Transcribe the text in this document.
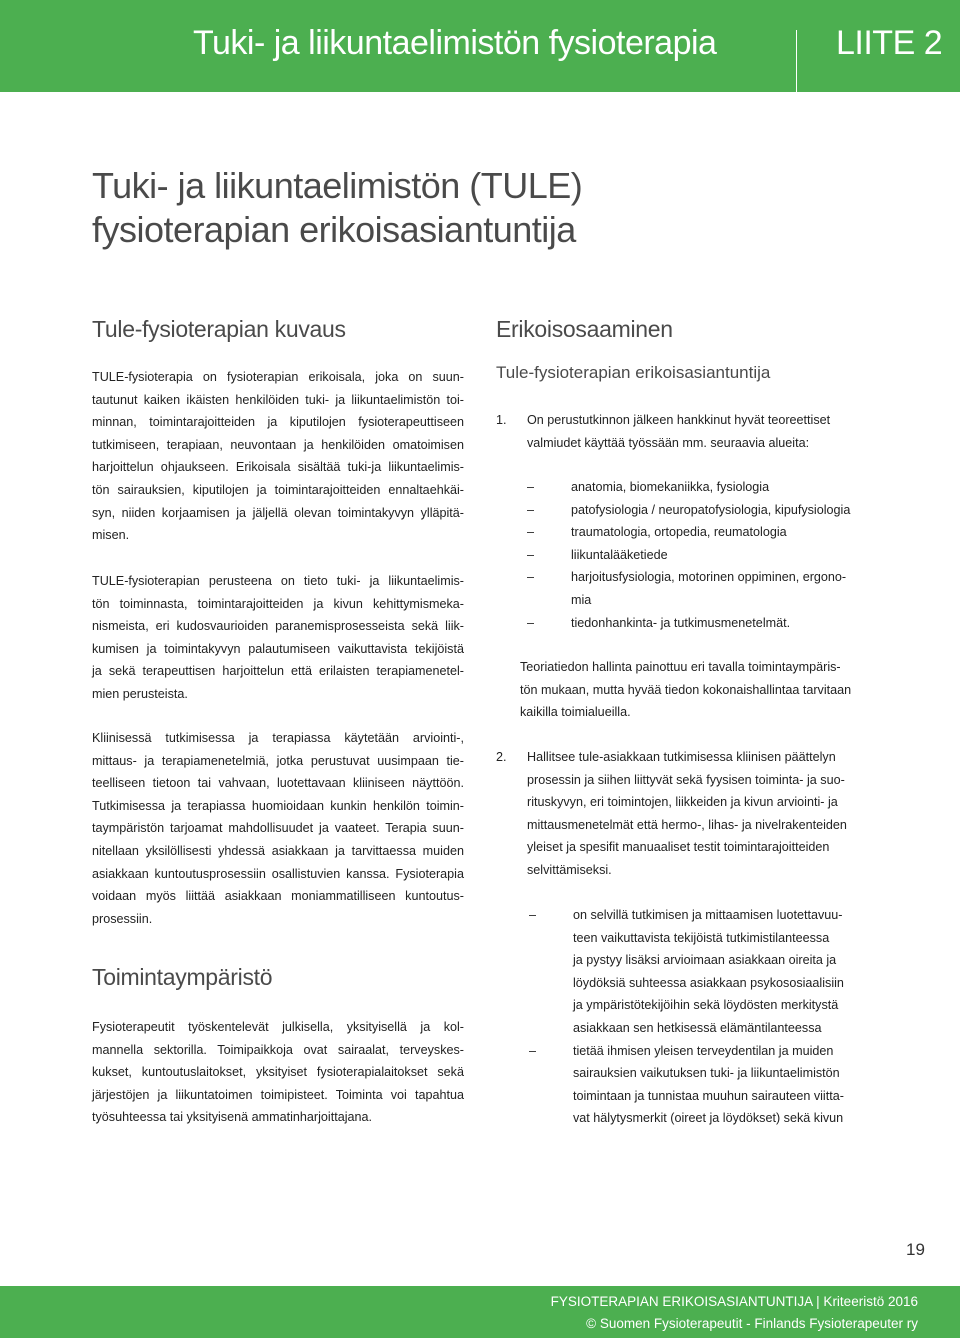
Tuki- ja liikuntaelimistön fysioterapia	LIITE 2
Tuki- ja liikuntaelimistön (TULE)
fysioterapian erikoisasiantuntija
Tule-fysioterapian kuvaus
TULE-fysioterapia on fysioterapian erikoisala, joka on suun-
tautunut kaiken ikäisten henkilöiden tuki- ja liikuntaelimistön toi-
minnan, toimintarajoitteiden ja kiputilojen fysioterapeuttiseen
tutkimiseen, terapiaan, neuvontaan ja henkilöiden omatoimisen
harjoittelun ohjaukseen. Erikoisala sisältää tuki-ja liikuntaelimis-
tön sairauksien, kiputilojen ja toimintarajoitteiden ennaltaehkäi-
syn, niiden korjaamisen ja jäljellä olevan toimintakyvyn ylläpitä-
misen.
TULE-fysioterapian perusteena on tieto tuki- ja liikuntaelimis-
tön toiminnasta, toimintarajoitteiden ja kivun kehittymismeka-
nismeista, eri kudosvaurioiden paranemisprosesseista sekä liik-
kumisen ja toimintakyvyn palautumiseen vaikuttavista tekijöistä
ja sekä terapeuttisen harjoittelun että erilaisten terapiamenetel-
mien perusteista.
Kliinisessä tutkimisessa ja terapiassa käytetään arviointi-,
mittaus- ja terapiamenetelmiä, jotka perustuvat uusimpaan tie-
teelliseen tietoon tai vahvaan, luotettavaan kliiniseen näyttöön.
Tutkimisessa ja terapiassa huomioidaan kunkin henkilön toimin-
taympäristön tarjoamat mahdollisuudet ja vaateet. Terapia suun-
nitellaan yksilöllisesti yhdessä asiakkaan ja tarvittaessa muiden
asiakkaan kuntoutusprosessiin osallistuvien kanssa. Fysioterapia
voidaan myös liittää asiakkaan moniammatilliseen kuntoutus-
prosessiin.
Toimintaympäristö
Fysioterapeutit työskentelevät julkisella, yksityisellä ja kol-
mannella sektorilla. Toimipaikkoja ovat sairaalat, terveyskes-
kukset, kuntoutuslaitokset, yksityiset fysioterapialaitokset sekä
järjestöjen ja liikuntatoimen toimipisteet. Toiminta voi tapahtua
työsuhteessa tai yksityisenä ammatinharjoittajana.
Erikoisosaaminen
Tule-fysioterapian erikoisasiantuntija
1. On perustutkinnon jälkeen hankkinut hyvät teoreettiset
valmiudet käyttää työssään mm. seuraavia alueita:
–	anatomia, biomekaniikka, fysiologia
–	patofysiologia / neuropatofysiologia, kipufysiologia
–	traumatologia, ortopedia, reumatologia
–	liikuntalääketiede
–	harjoitusfysiologia, motorinen oppiminen, ergono-
mia
–	tiedonhankinta- ja tutkimusmenetelmät.
Teoriatiedon hallinta painottuu eri tavalla toimintaympäris-
tön mukaan, mutta hyvää tiedon kokonaishallintaa tarvitaan
kaikilla toimialueilla.
2. Hallitsee tule-asiakkaan tutkimisessa kliinisen päättelyn
prosessin ja siihen liittyvät sekä fyysisen toiminta- ja suo-
rituskyvyn, eri toimintojen, liikkeiden ja kivun arviointi- ja
mittausmenetelmät että hermo-, lihas- ja nivelrakenteiden
yleiset ja spesifit manuaaliset testit toimintarajoitteiden
selvittämiseksi.
–	on selvillä tutkimisen ja mittaamisen luotettavuu-
teen vaikuttavista tekijöistä tutkimistilanteessa
ja pystyy lisäksi arvioimaan asiakkaan oireita ja
löydöksiä suhteessa asiakkaan psykososiaalisiin
ja ympäristötekijöihin sekä löydösten merkitystä
asiakkaan sen hetkisessä elämäntilanteessa
–	tietää ihmisen yleisen terveydentilan ja muiden
sairauksien vaikutuksen tuki- ja liikuntaelimistön
toimintaan ja tunnistaa muuhun sairauteen viitta-
vat hälytysmerkit (oireet ja löydökset) sekä kivun
19
FYSIOTERAPIAN ERIKOISASIANTUNTIJA | Kriteeristö 2016
© Suomen Fysioterapeutit - Finlands Fysioterapeuter ry
